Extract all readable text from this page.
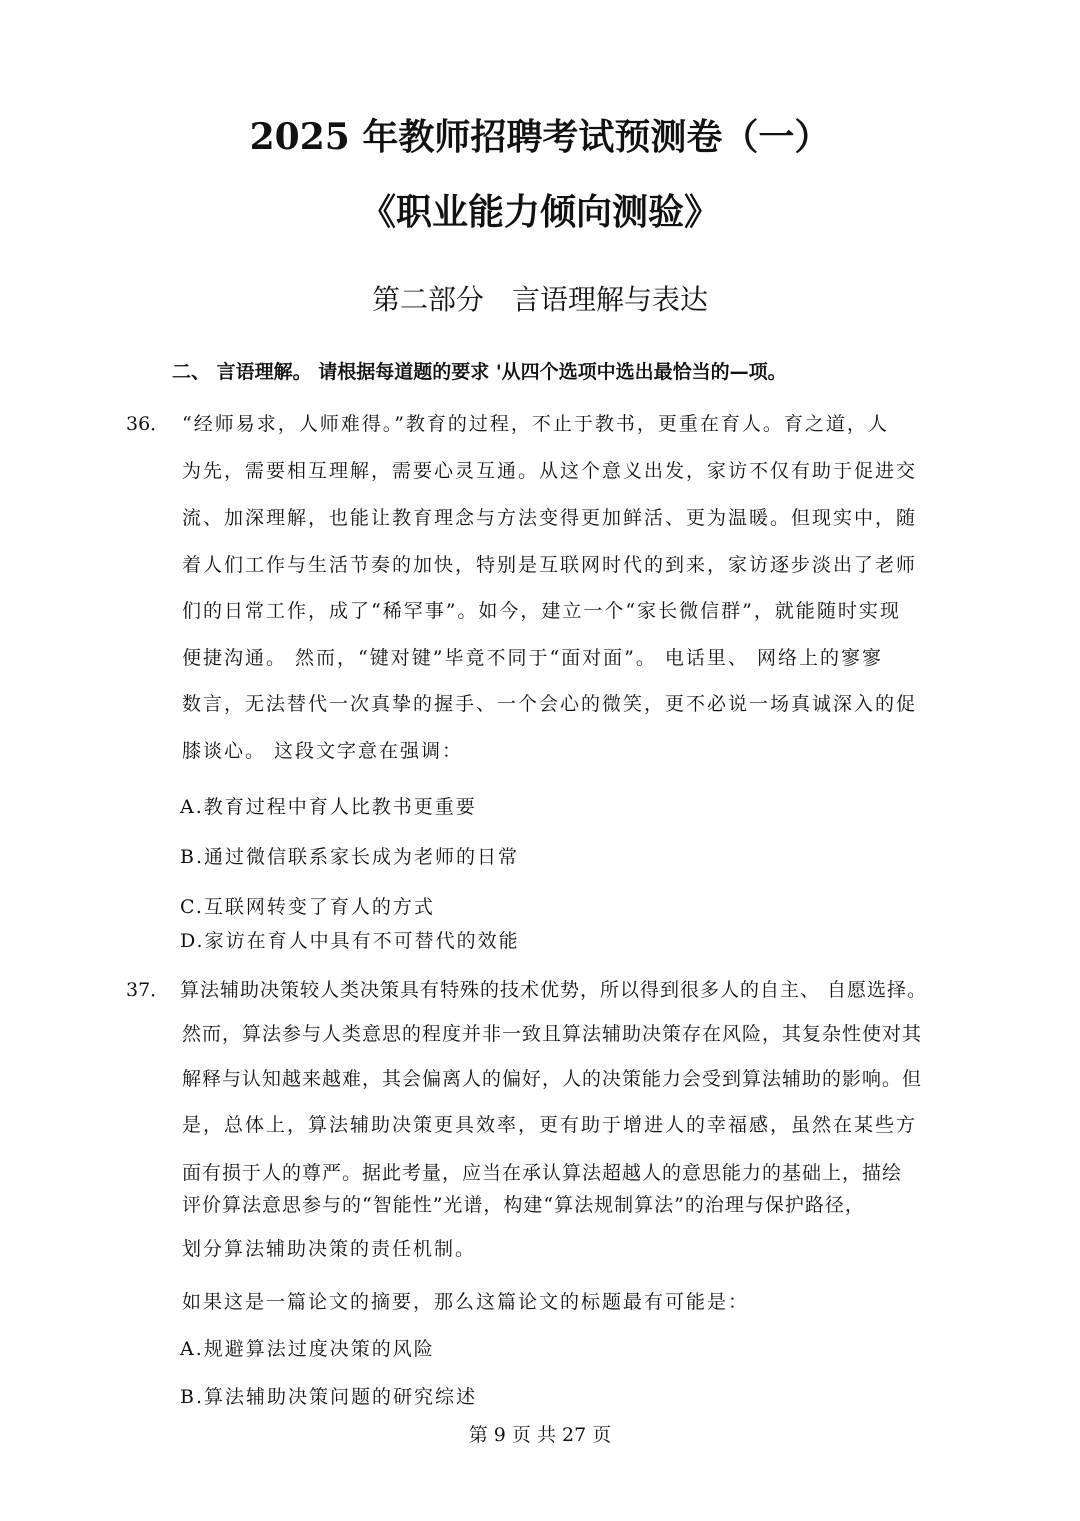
2025 年教师招聘考试预测卷（一）
《职业能力倾向测验》
第二部分　言语理解与表达
二、 言语理解。 请根据每道题的要求 '从四个选项中选出最恰当的—项。
36． “经师易求，人师难得。”教育的过程，不止于教书，更重在育人。育之道，人
为先，需要相互理解，需要心灵互通。从这个意义出发，家访不仅有助于促进交
流、加深理解，也能让教育理念与方法变得更加鲜活、更为温暖。但现实中，随
着人们工作与生活节奏的加快，特别是互联网时代的到来，家访逐步淡出了老师
们的日常工作，成了“稀罕事”。如今，建立一个“家长微信群”，就能随时实现
便捷沟通。 然而，“键对键”毕竟不同于“面对面”。 电话里、 网络上的寥寥
数言，无法替代一次真挚的握手、一个会心的微笑，更不必说一场真诚深入的促
膝谈心。 这段文字意在强调：
A.教育过程中育人比教书更重要
B.通过微信联系家长成为老师的日常
C.互联网转变了育人的方式
D.家访在育人中具有不可替代的效能
37． 算法辅助决策较人类决策具有特殊的技术优势，所以得到很多人的自主、 自愿选择。
然而，算法参与人类意思的程度并非一致且算法辅助决策存在风险，其复杂性使对其
解释与认知越来越难，其会偏离人的偏好，人的决策能力会受到算法辅助的影响。但
是，总体上，算法辅助决策更具效率，更有助于增进人的幸福感，虽然在某些方
面有损于人的尊严。据此考量，应当在承认算法超越人的意思能力的基础上，描绘
评价算法意思参与的“智能性”光谱，构建“算法规制算法”的治理与保护路径，
划分算法辅助决策的责任机制。
如果这是一篇论文的摘要，那么这篇论文的标题最有可能是：
A.规避算法过度决策的风险
B.算法辅助决策问题的研究综述
第 9 页 共 27 页
